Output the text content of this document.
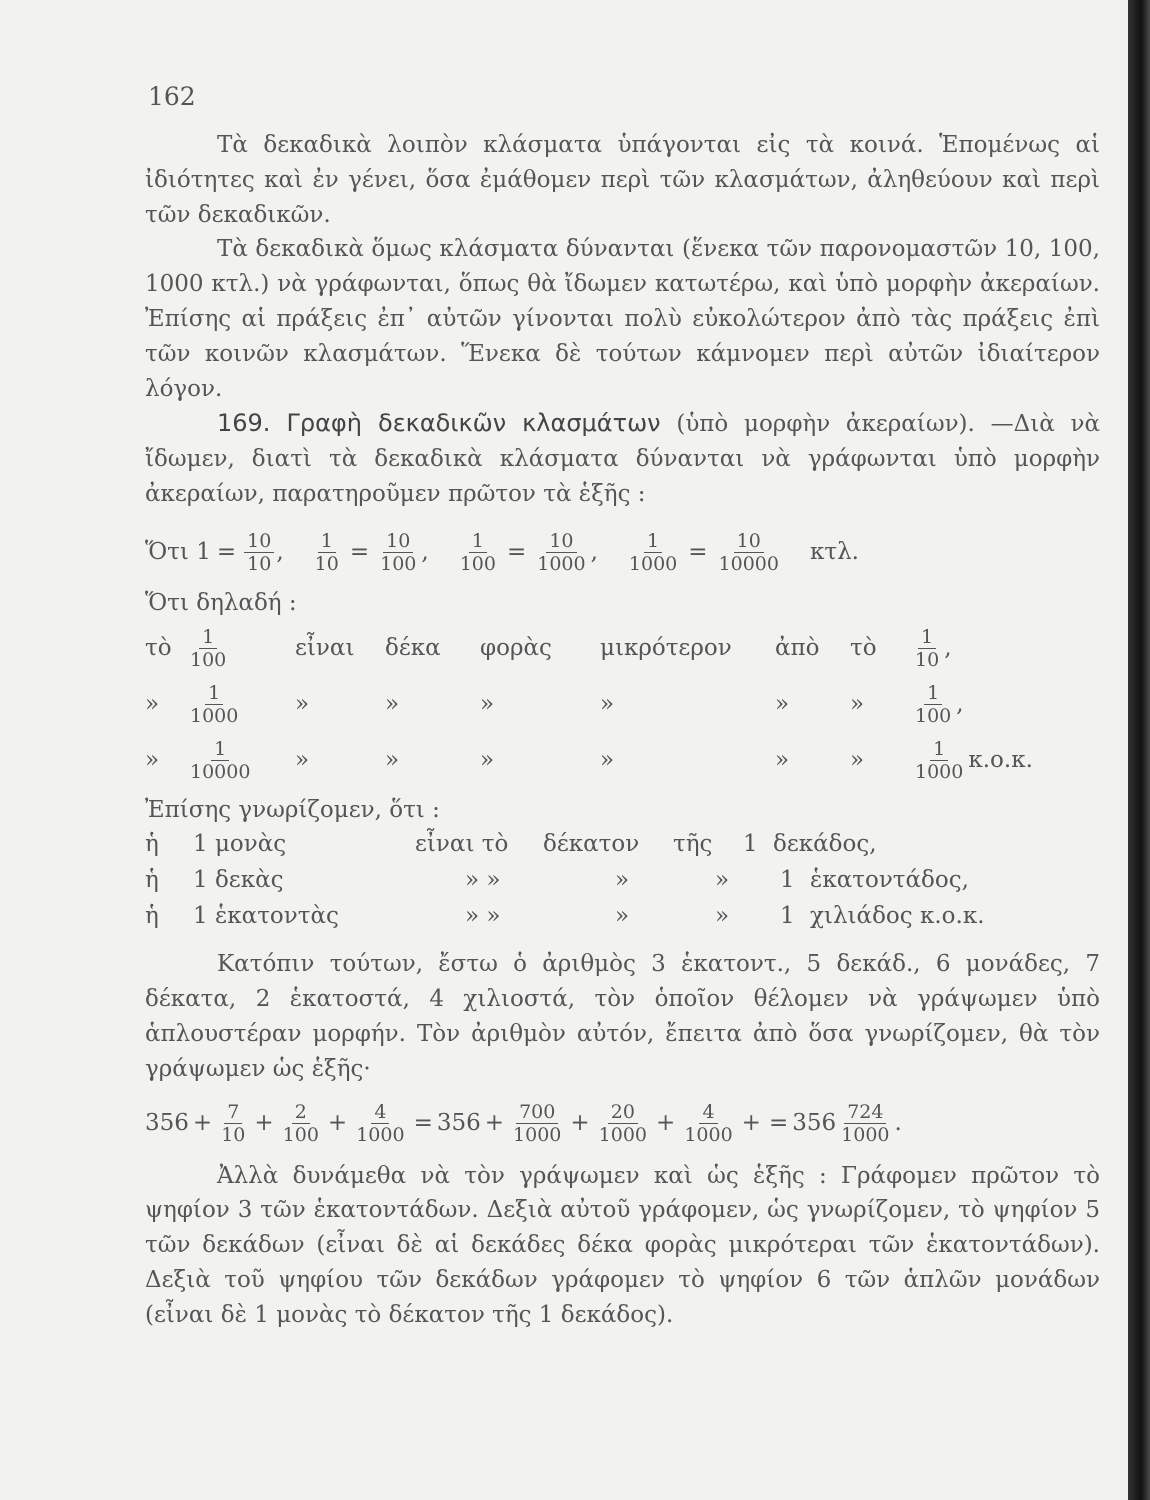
162

Τὰ δεκαδικὰ λοιπὸν κλάσματα ὑπάγονται εἰς τὰ κοινά. Ἑπομένως αἱ ἰδιότητες καὶ ἐν γένει, ὅσα ἐμάθομεν περὶ τῶν κλασμάτων, ἀληθεύουν καὶ περὶ τῶν δεκαδικῶν.

Τὰ δεκαδικὰ ὅμως κλάσματα δύνανται (ἕνεκα τῶν παρονομαστῶν 10, 100, 1000 κτλ.) νὰ γράφωνται, ὅπως θὰ ἴδωμεν κατωτέρω, καὶ ὑπὸ μορφὴν ἀκεραίων. Ἐπίσης αἱ πράξεις ἐπ᾽ αὐτῶν γίνονται πολὺ εὐκολώτερον ἀπὸ τὰς πράξεις ἐπὶ τῶν κοινῶν κλασμάτων. Ἕνεκα δὲ τούτων κάμνομεν περὶ αὐτῶν ἰδιαίτερον λόγον.

169. Γραφὴ δεκαδικῶν κλασμάτων (ὑπὸ μορφὴν ἀκεραίων). —Διὰ νὰ ἴδωμεν, διατὶ τὰ δεκαδικὰ κλάσματα δύνανται νὰ γράφωνται ὑπὸ μορφὴν ἀκεραίων, παρατηροῦμεν πρῶτον τὰ ἑξῆς :

Ὅτι $1 = \frac{10}{10}$ , $\frac{1}{10} = \frac{10}{100}$ , $\frac{1}{100} = \frac{10}{1000}$ , $\frac{1}{1000} = \frac{10}{10000} \kappa\tau\lambda$.

Ὅτι δηλαδή :

τὸ $\frac{1}{100}$	εἶναι	δέκα	φορὰς	μικρότερον	ἀπὸ	τὸ	$\frac{1}{10}$ ,
»	$\frac{1}{1000}$ »	»	»	»	»	»	$\frac{1}{100}$ ,
»	$\frac{1}{10000}$ »	»	»	»	»	»	$\frac{1}{1000} \kappa.o.\kappa$.

Ἐπίσης γνωρίζομεν, ὅτι :

ἡ	1 μονὰς	εἶναι τὸ	δέκατον	τῆς	1 δεκάδος,
ἡ	1 δεκὰς	» »	»	»	1 ἑκατοντάδος,
ἡ	1 ἑκατοντὰς	» »	»	»	1 χιλιάδος κ.ο.κ.

Κατόπιν τούτων, ἔστω ὁ ἀριθμὸς 3 ἑκατοντ., 5 δεκάδ., 6 μονάδες, 7 δέκατα, 2 ἑκατοστά, 4 χιλιοστά, τὸν ὁποῖον θέλομεν νὰ γράψωμεν ὑπὸ ἁπλουστέραν μορφήν. Τὸν ἀριθμὸν αὐτόν, ἔπειτα ἀπὸ ὅσα γνωρίζομεν, θὰ τὸν γράψωμεν ὡς ἑξῆς·

$356 + \frac{7}{10} + \frac{2}{100} + \frac{4}{1000} = 356 + \frac{700}{1000} + \frac{20}{1000} + \frac{4}{1000}$ + = $356 \frac{724}{1000}$ .

Ἀλλὰ δυνάμεθα νὰ τὸν γράψωμεν καὶ ὡς ἑξῆς : Γράφομεν πρῶτον τὸ ψηφίον 3 τῶν ἑκατοντάδων. Δεξιὰ αὐτοῦ γράφομεν, ὡς γνωρίζομεν, τὸ ψηφίον 5 τῶν δεκάδων (εἶναι δὲ αἱ δεκάδες δέκα φορὰς μικρότεραι τῶν ἑκατοντάδων). Δεξιὰ τοῦ ψηφίου τῶν δεκάδων γράφομεν τὸ ψηφίον 6 τῶν ἁπλῶν μονάδων (εἶναι δὲ 1 μονὰς τὸ δέκατον τῆς 1 δεκάδος).
